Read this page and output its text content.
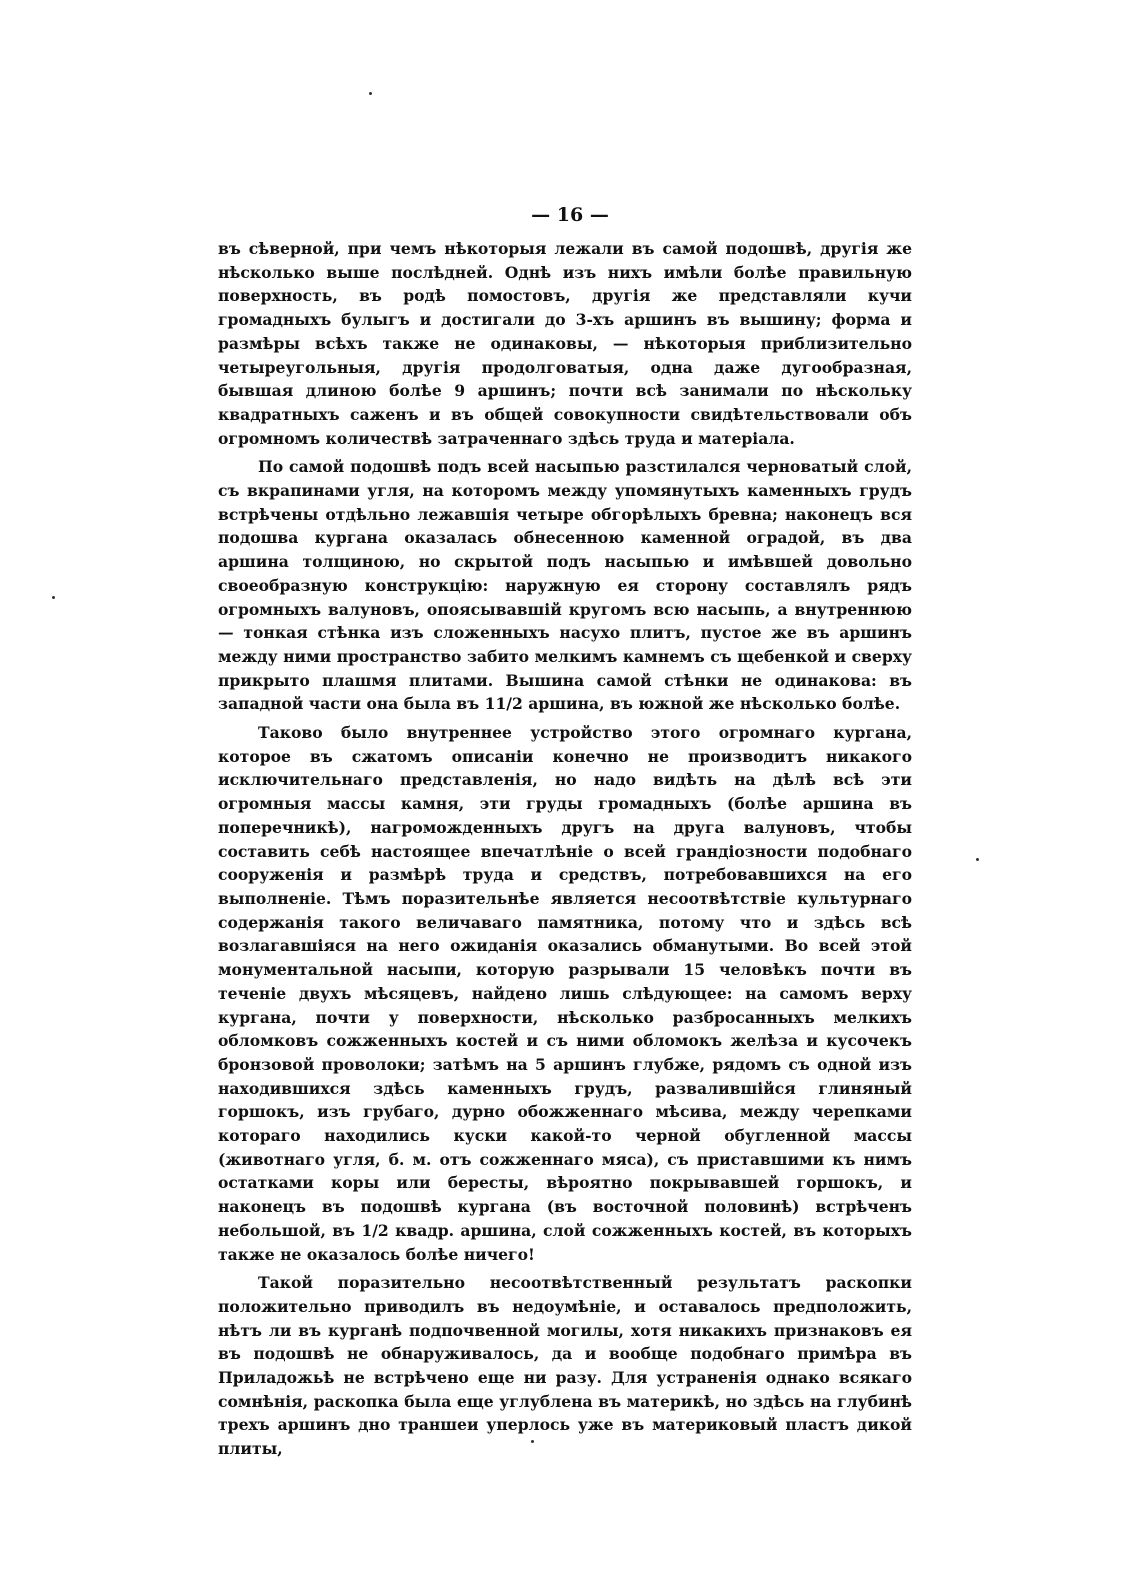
— 16 —

въ сѣверной, при чемъ нѣкоторыя лежали въ самой подошвѣ, другія же нѣсколько выше послѣдней. Однѣ изъ нихъ имѣли болѣе правильную поверхность, въ родѣ помостовъ, другія же представляли кучи громадныхъ булыгъ и достигали до 3-хъ аршинъ въ вышину; форма и размѣры всѣхъ также не одинаковы, — нѣкоторыя приблизительно четыреугольныя, другія продолговатыя, одна даже дугообразная, бывшая длиною болѣе 9 аршинъ; почти всѣ занимали по нѣскольку квадратныхъ саженъ и въ общей совокупности свидѣтельствовали объ огромномъ количествѣ затраченнаго здѣсь труда и матеріала.

По самой подошвѣ подъ всей насыпью разстилался черноватый слой, съ вкрапинами угля, на которомъ между упомянутыхъ каменныхъ грудъ встрѣчены отдѣльно лежавшія четыре обгорѣлыхъ бревна; наконецъ вся подошва кургана оказалась обнесенною каменной оградой, въ два аршина толщиною, но скрытой подъ насыпью и имѣвшей довольно своеобразную конструкцію: наружную ея сторону составлялъ рядъ огромныхъ валуновъ, опоясывавшій кругомъ всю насыпь, а внутреннюю — тонкая стѣнка изъ сложенныхъ насухо плитъ, пустое же въ аршинъ между ними пространство забито мелкимъ камнемъ съ щебенкой и сверху прикрыто плашмя плитами. Вышина самой стѣнки не одинакова: въ западной части она была въ 11/2 аршина, въ южной же нѣсколько болѣе.

Таково было внутреннее устройство этого огромнаго кургана, которое въ сжатомъ описаніи конечно не производитъ никакого исключительнаго представленія, но надо видѣть на дѣлѣ всѣ эти огромныя массы камня, эти груды громадныхъ (болѣе аршина въ поперечникѣ), нагроможденныхъ другъ на друга валуновъ, чтобы составить себѣ настоящее впечатлѣніе о всей грандіозности подобнаго сооруженія и размѣрѣ труда и средствъ, потребовавшихся на его выполненіе. Тѣмъ поразительнѣе является несоотвѣтствіе культурнаго содержанія такого величаваго памятника, потому что и здѣсь всѣ возлагавшіяся на него ожиданія оказались обманутыми. Во всей этой монументальной насыпи, которую разрывали 15 человѣкъ почти въ теченіе двухъ мѣсяцевъ, найдено лишь слѣдующее: на самомъ верху кургана, почти у поверхности, нѣсколько разбросанныхъ мелкихъ обломковъ сожженныхъ костей и съ ними обломокъ желѣза и кусочекъ бронзовой проволоки; затѣмъ на 5 аршинъ глубже, рядомъ съ одной изъ находившихся здѣсь каменныхъ грудъ, развалившійся глиняный горшокъ, изъ грубаго, дурно обожженнаго мѣсива, между черепками котораго находились куски какой-то черной обугленной массы (животнаго угля, б. м. отъ сожженнаго мяса), съ приставшими къ нимъ остатками коры или бересты, вѣроятно покрывавшей горшокъ, и наконецъ въ подошвѣ кургана (въ восточной половинѣ) встрѣченъ небольшой, въ 1/2 квадр. аршина, слой сожженныхъ костей, въ которыхъ также не оказалось болѣе ничего!

Такой поразительно несоотвѣтственный результатъ раскопки положительно приводилъ въ недоумѣніе, и оставалось предположить, нѣтъ ли въ курганѣ подпочвенной могилы, хотя никакихъ признаковъ ея въ подошвѣ не обнаруживалось, да и вообще подобнаго примѣра въ Приладожьѣ не встрѣчено еще ни разу. Для устраненія однако всякаго сомнѣнія, раскопка была еще углублена въ материкѣ, но здѣсь на глубинѣ трехъ аршинъ дно траншеи уперлось уже въ материковый пластъ дикой плиты,
